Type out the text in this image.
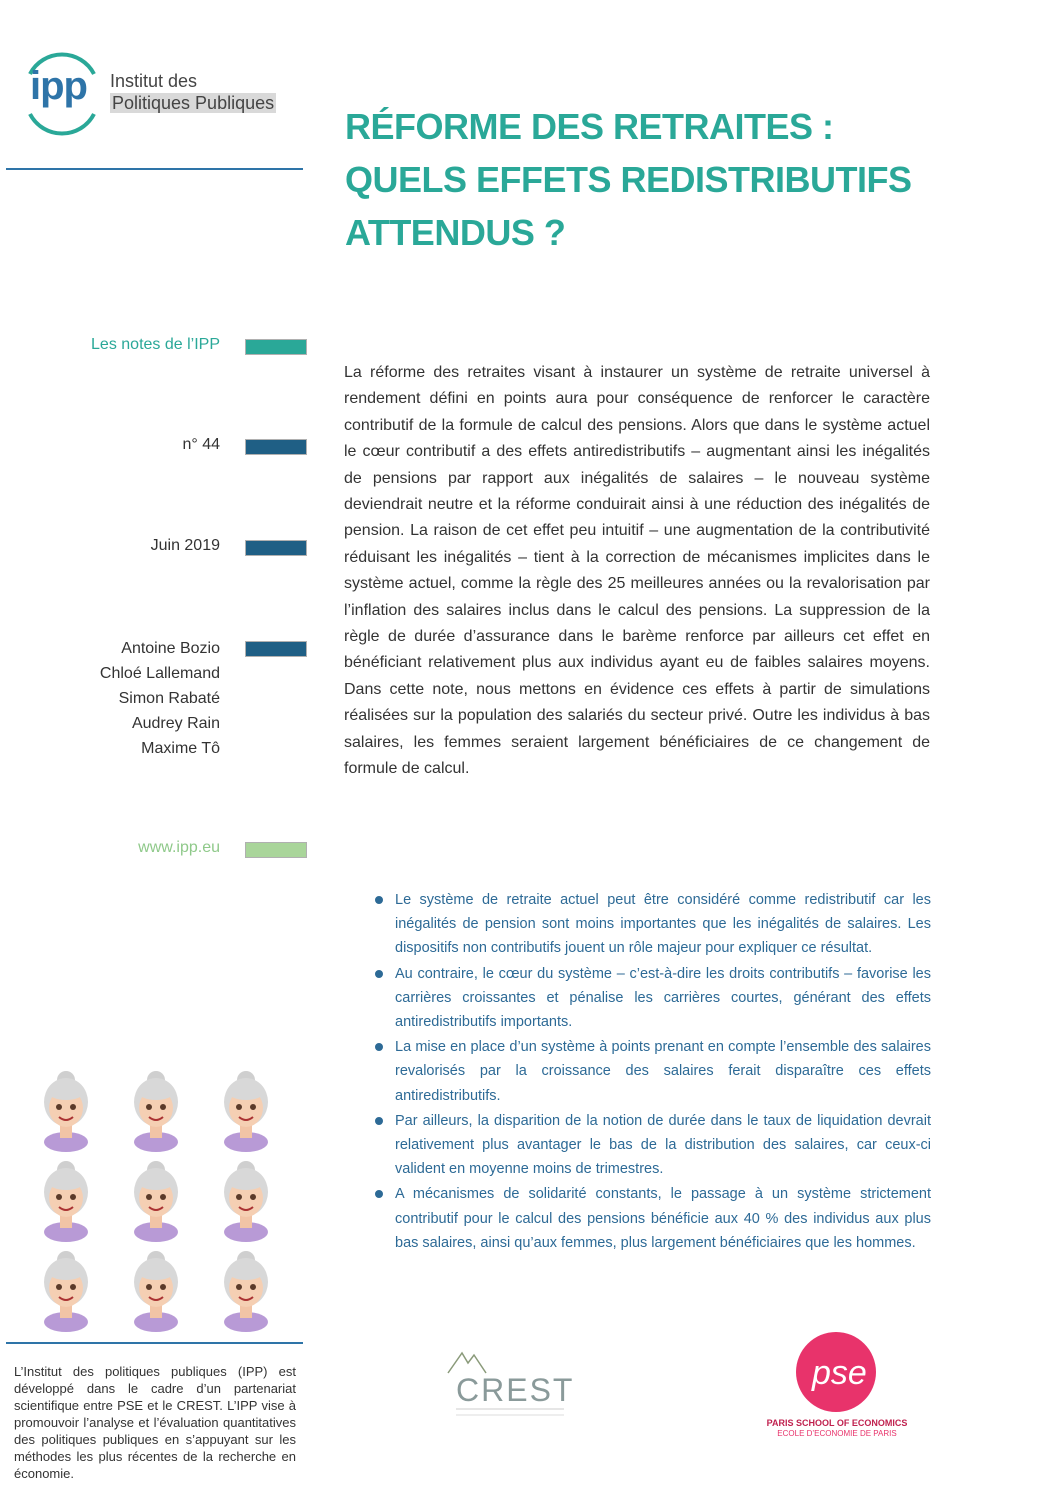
ipp Institut des
Politiques Publiques
RÉFORME DES RETRAITES :
QUELS EFFETS REDISTRIBUTIFS
ATTENDUS ?
Les notes de l’IPP
n° 44
Juin 2019
Antoine Bozio
Chloé Lallemand
Simon Rabaté
Audrey Rain
Maxime Tô
www.ipp.eu
La réforme des retraites visant à instaurer un système de retraite universel à rendement défini en points aura pour conséquence de renforcer le caractère contributif de la formule de calcul des pensions. Alors que dans le système actuel le cœur contributif a des effets antiredistributifs – augmentant ainsi les inégalités de pensions par rapport aux inégalités de salaires – le nouveau système deviendrait neutre et la réforme conduirait ainsi à une réduction des inégalités de pension. La raison de cet effet peu intuitif – une augmentation de la contributivité réduisant les inégalités – tient à la correction de mécanismes implicites dans le système actuel, comme la règle des 25 meilleures années ou la revalorisation par l’inflation des salaires inclus dans le calcul des pensions. La suppression de la règle de durée d’assurance dans le barème renforce par ailleurs cet effet en bénéficiant relativement plus aux individus ayant eu de faibles salaires moyens. Dans cette note, nous mettons en évidence ces effets à partir de simulations réalisées sur la population des salariés du secteur privé. Outre les individus à bas salaires, les femmes seraient largement bénéficiaires de ce changement de formule de calcul.
Le système de retraite actuel peut être considéré comme redistributif car les inégalités de pension sont moins importantes que les inégalités de salaires. Les dispositifs non contributifs jouent un rôle majeur pour expliquer ce résultat.
Au contraire, le cœur du système – c’est-à-dire les droits contributifs – favorise les carrières croissantes et pénalise les carrières courtes, générant des effets antiredistributifs importants.
La mise en place d’un système à points prenant en compte l’ensemble des salaires revalorisés par la croissance des salaires ferait disparaître ces effets antiredistributifs.
Par ailleurs, la disparition de la notion de durée dans le taux de liquidation devrait relativement plus avantager le bas de la distribution des salaires, car ceux-ci valident en moyenne moins de trimestres.
A mécanismes de solidarité constants, le passage à un système strictement contributif pour le calcul des pensions bénéficie aux 40 % des individus aux plus bas salaires, ainsi qu’aux femmes, plus largement bénéficiaires que les hommes.
L’Institut des politiques publiques (IPP) est développé dans le cadre d’un partenariat scientifique entre PSE et le CREST. L’IPP vise à promouvoir l’analyse et l’évaluation quantitatives des politiques publiques en s’appuyant sur les méthodes les plus récentes de la recherche en économie.
CREST	pse
PARIS SCHOOL OF ECONOMICS
ECOLE D’ECONOMIE DE PARIS
